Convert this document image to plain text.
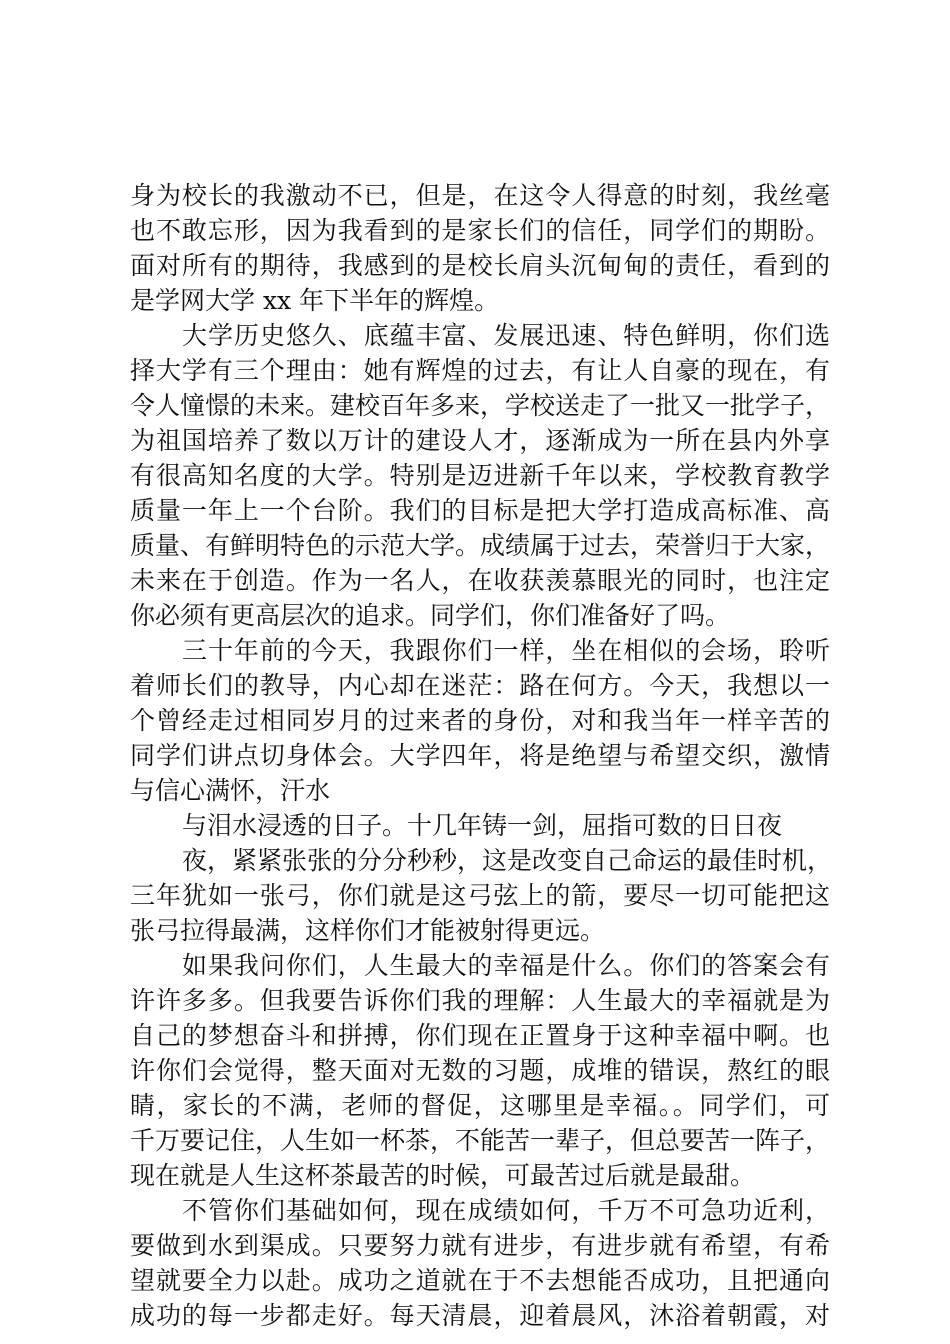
身为校长的我激动不已，但是，在这令人得意的时刻，我丝毫
也不敢忘形，因为我看到的是家长们的信任，同学们的期盼。
面对所有的期待，我感到的是校长肩头沉甸甸的责任，看到的
是学网大学 xx 年下半年的辉煌。
大学历史悠久、底蕴丰富、发展迅速、特色鲜明，你们选
择大学有三个理由：她有辉煌的过去，有让人自豪的现在，有
令人憧憬的未来。建校百年多来，学校送走了一批又一批学子，
为祖国培养了数以万计的建设人才，逐渐成为一所在县内外享
有很高知名度的大学。特别是迈进新千年以来，学校教育教学
质量一年上一个台阶。我们的目标是把大学打造成高标准、高
质量、有鲜明特色的示范大学。成绩属于过去，荣誉归于大家，
未来在于创造。作为一名人，在收获羡慕眼光的同时，也注定
你必须有更高层次的追求。同学们，你们准备好了吗。
三十年前的今天，我跟你们一样，坐在相似的会场，聆听
着师长们的教导，内心却在迷茫：路在何方。今天，我想以一
个曾经走过相同岁月的过来者的身份，对和我当年一样辛苦的
同学们讲点切身体会。大学四年，将是绝望与希望交织，激情
与信心满怀，汗水
与泪水浸透的日子。十几年铸一剑，屈指可数的日日夜
夜，紧紧张张的分分秒秒，这是改变自己命运的最佳时机，
三年犹如一张弓，你们就是这弓弦上的箭，要尽一切可能把这
张弓拉得最满，这样你们才能被射得更远。
如果我问你们，人生最大的幸福是什么。你们的答案会有
许许多多。但我要告诉你们我的理解：人生最大的幸福就是为
自己的梦想奋斗和拼搏，你们现在正置身于这种幸福中啊。也
许你们会觉得，整天面对无数的习题，成堆的错误，熬红的眼
睛，家长的不满，老师的督促，这哪里是幸福。。同学们，可
千万要记住，人生如一杯茶，不能苦一辈子，但总要苦一阵子，
现在就是人生这杯茶最苦的时候，可最苦过后就是最甜。
不管你们基础如何，现在成绩如何，千万不可急功近利，
要做到水到渠成。只要努力就有进步，有进步就有希望，有希
望就要全力以赴。成功之道就在于不去想能否成功，且把通向
成功的每一步都走好。每天清晨，迎着晨风，沐浴着朝霞，对
